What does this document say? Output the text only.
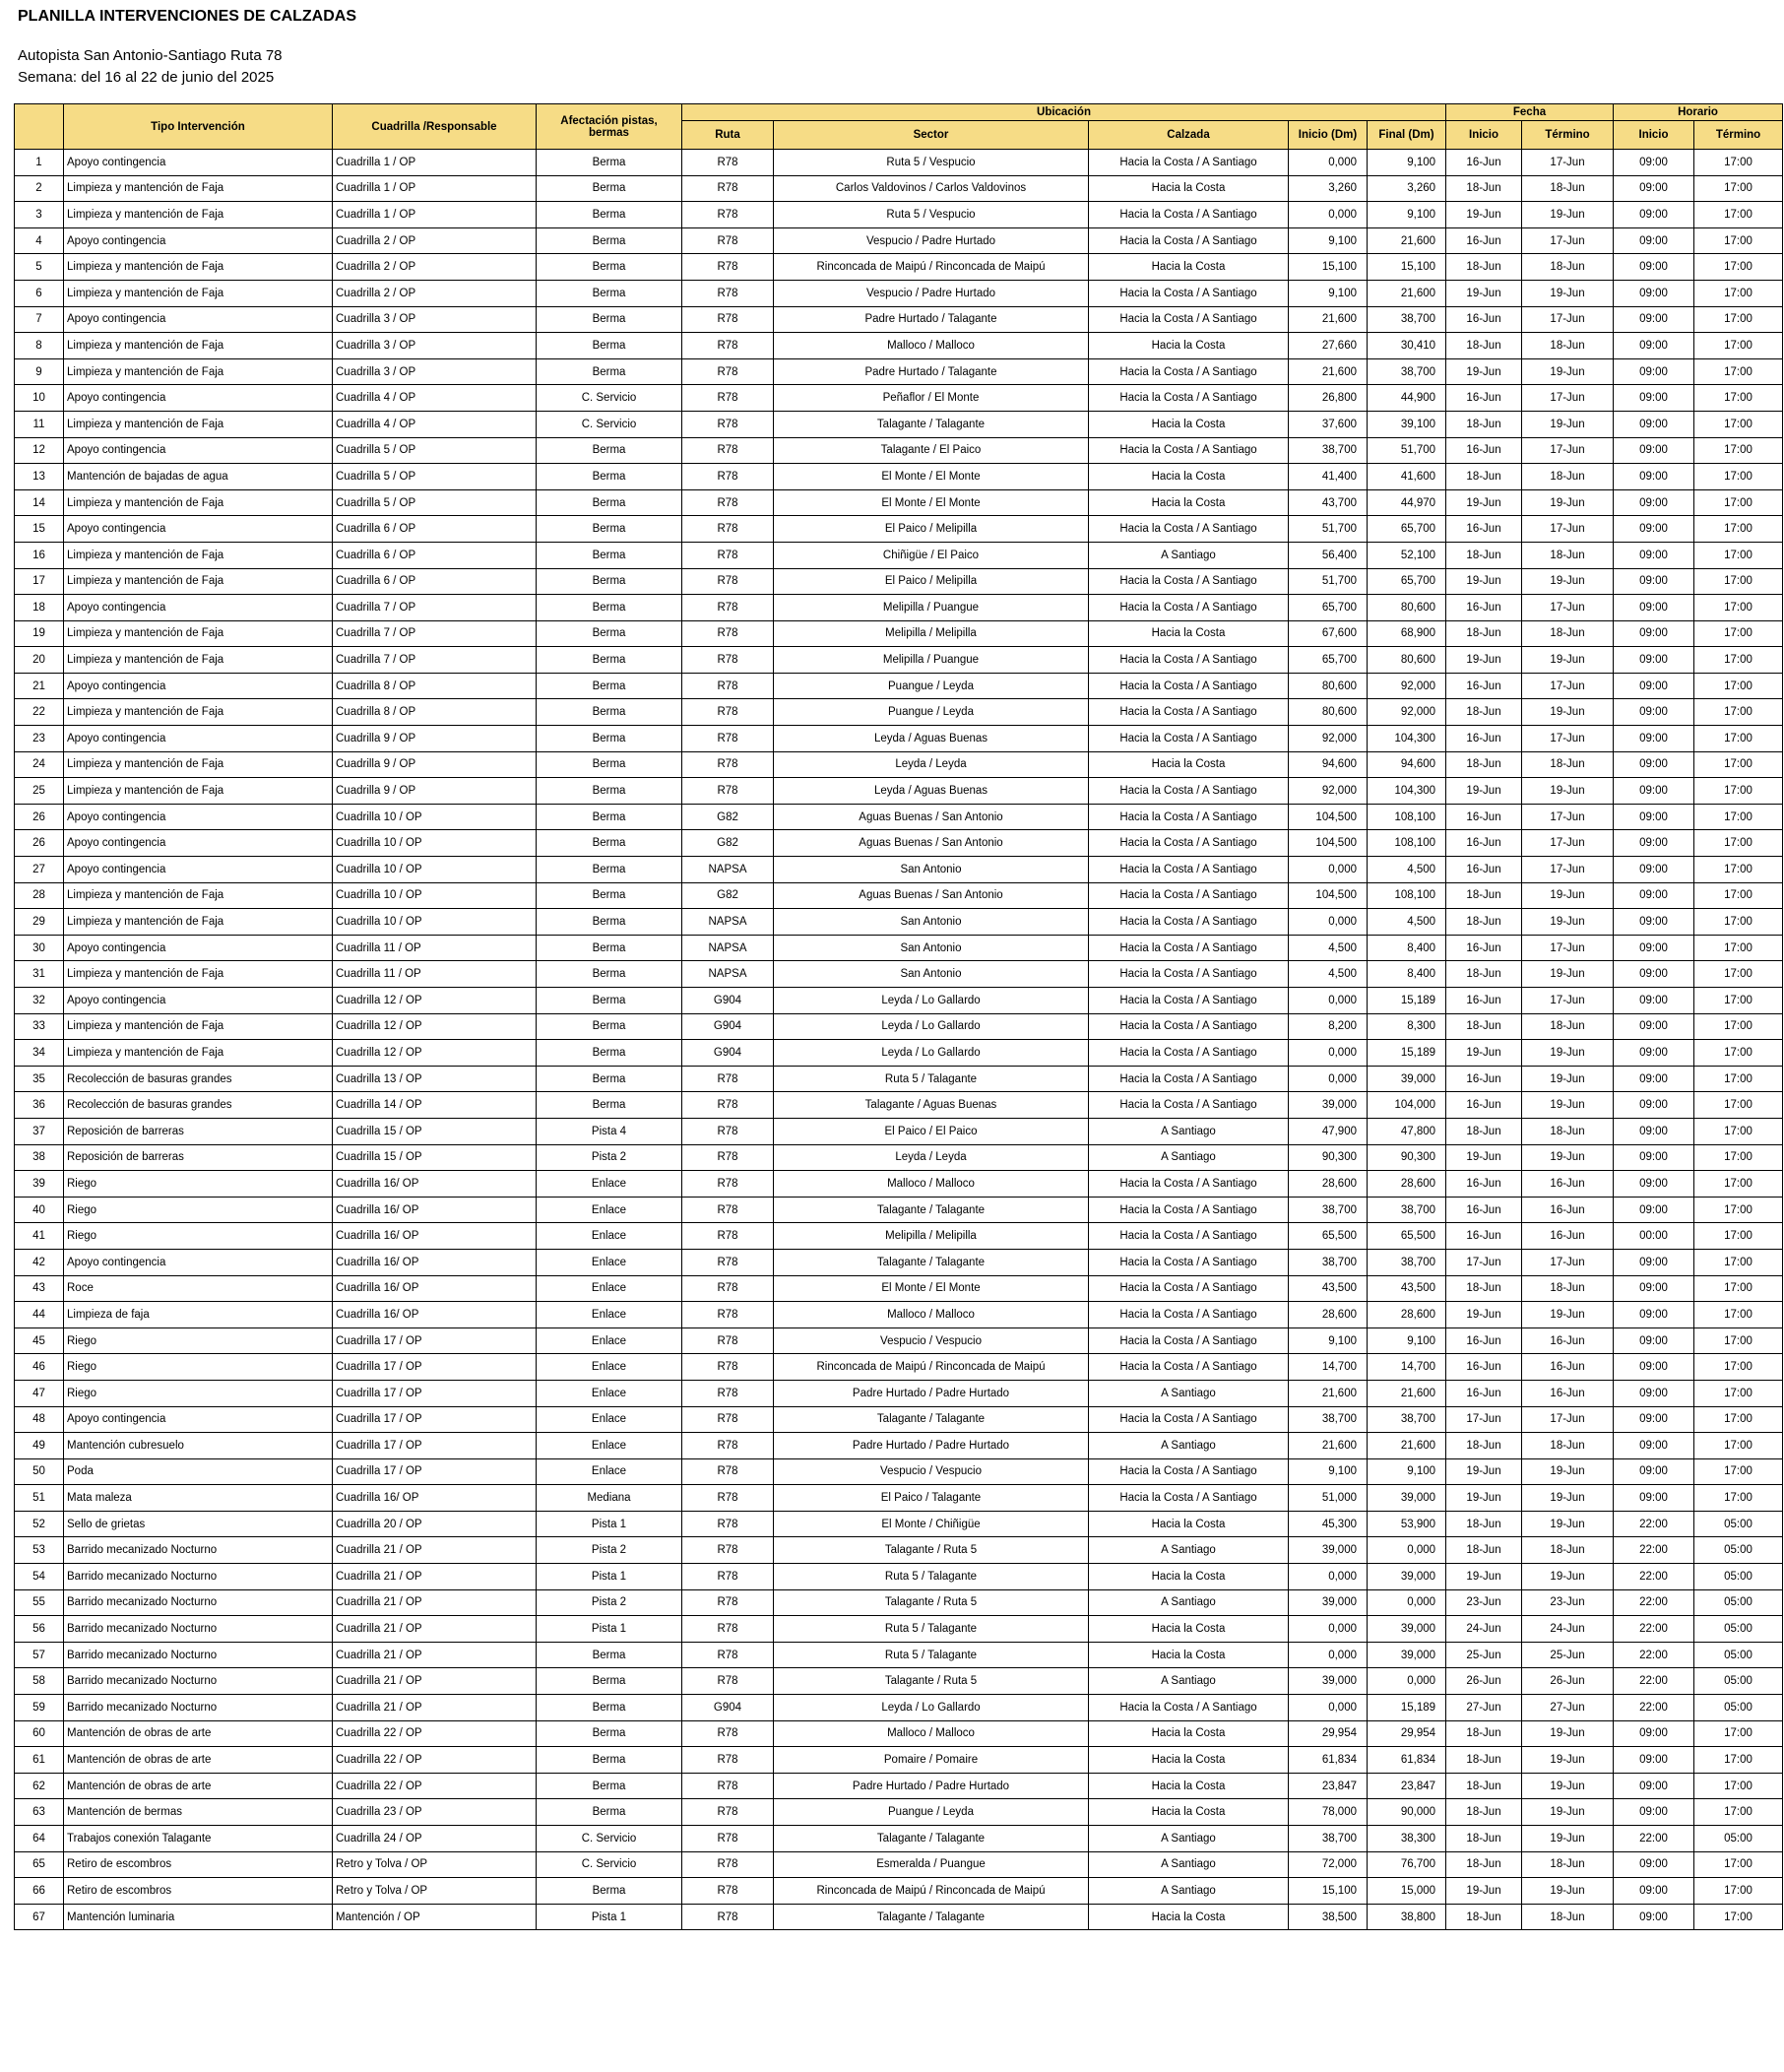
PLANILLA INTERVENCIONES DE CALZADAS
Autopista San Antonio-Santiago Ruta 78
Semana: del 16 al 22 de junio del 2025
	Tipo Intervención	Cuadrilla /Responsable	Afectación pistas, bermas	Ubicación					Fecha		Horario	
				Ruta	Sector	Calzada	Inicio (Dm)	Final (Dm)	Inicio	Término	Inicio	Término
1	Apoyo contingencia	Cuadrilla 1 / OP	Berma	R78	Ruta 5 / Vespucio	Hacia la Costa / A Santiago	0,000	9,100	16-Jun	17-Jun	09:00	17:00
2	Limpieza y mantención de Faja	Cuadrilla 1 / OP	Berma	R78	Carlos Valdovinos / Carlos Valdovinos	Hacia la Costa	3,260	3,260	18-Jun	18-Jun	09:00	17:00
3	Limpieza y mantención de Faja	Cuadrilla 1 / OP	Berma	R78	Ruta 5 / Vespucio	Hacia la Costa / A Santiago	0,000	9,100	19-Jun	19-Jun	09:00	17:00
4	Apoyo contingencia	Cuadrilla 2 / OP	Berma	R78	Vespucio / Padre Hurtado	Hacia la Costa / A Santiago	9,100	21,600	16-Jun	17-Jun	09:00	17:00
5	Limpieza y mantención de Faja	Cuadrilla 2 / OP	Berma	R78	Rinconcada de Maipú / Rinconcada de Maipú	Hacia la Costa	15,100	15,100	18-Jun	18-Jun	09:00	17:00
6	Limpieza y mantención de Faja	Cuadrilla 2 / OP	Berma	R78	Vespucio / Padre Hurtado	Hacia la Costa / A Santiago	9,100	21,600	19-Jun	19-Jun	09:00	17:00
7	Apoyo contingencia	Cuadrilla 3 / OP	Berma	R78	Padre Hurtado / Talagante	Hacia la Costa / A Santiago	21,600	38,700	16-Jun	17-Jun	09:00	17:00
8	Limpieza y mantención de Faja	Cuadrilla 3 / OP	Berma	R78	Malloco / Malloco	Hacia la Costa	27,660	30,410	18-Jun	18-Jun	09:00	17:00
9	Limpieza y mantención de Faja	Cuadrilla 3 / OP	Berma	R78	Padre Hurtado / Talagante	Hacia la Costa / A Santiago	21,600	38,700	19-Jun	19-Jun	09:00	17:00
10	Apoyo contingencia	Cuadrilla 4 / OP	C. Servicio	R78	Peñaflor / El Monte	Hacia la Costa / A Santiago	26,800	44,900	16-Jun	17-Jun	09:00	17:00
11	Limpieza y mantención de Faja	Cuadrilla 4 / OP	C. Servicio	R78	Talagante / Talagante	Hacia la Costa	37,600	39,100	18-Jun	19-Jun	09:00	17:00
12	Apoyo contingencia	Cuadrilla 5 / OP	Berma	R78	Talagante / El Paico	Hacia la Costa / A Santiago	38,700	51,700	16-Jun	17-Jun	09:00	17:00
13	Mantención de bajadas de agua	Cuadrilla 5 / OP	Berma	R78	El Monte / El Monte	Hacia la Costa	41,400	41,600	18-Jun	18-Jun	09:00	17:00
14	Limpieza y mantención de Faja	Cuadrilla 5 / OP	Berma	R78	El Monte / El Monte	Hacia la Costa	43,700	44,970	19-Jun	19-Jun	09:00	17:00
15	Apoyo contingencia	Cuadrilla 6 / OP	Berma	R78	El Paico / Melipilla	Hacia la Costa / A Santiago	51,700	65,700	16-Jun	17-Jun	09:00	17:00
16	Limpieza y mantención de Faja	Cuadrilla 6 / OP	Berma	R78	Chiñigüe / El Paico	A Santiago	56,400	52,100	18-Jun	18-Jun	09:00	17:00
17	Limpieza y mantención de Faja	Cuadrilla 6 / OP	Berma	R78	El Paico / Melipilla	Hacia la Costa / A Santiago	51,700	65,700	19-Jun	19-Jun	09:00	17:00
18	Apoyo contingencia	Cuadrilla 7 / OP	Berma	R78	Melipilla / Puangue	Hacia la Costa / A Santiago	65,700	80,600	16-Jun	17-Jun	09:00	17:00
19	Limpieza y mantención de Faja	Cuadrilla 7 / OP	Berma	R78	Melipilla / Melipilla	Hacia la Costa	67,600	68,900	18-Jun	18-Jun	09:00	17:00
20	Limpieza y mantención de Faja	Cuadrilla 7 / OP	Berma	R78	Melipilla / Puangue	Hacia la Costa / A Santiago	65,700	80,600	19-Jun	19-Jun	09:00	17:00
21	Apoyo contingencia	Cuadrilla 8 / OP	Berma	R78	Puangue / Leyda	Hacia la Costa / A Santiago	80,600	92,000	16-Jun	17-Jun	09:00	17:00
22	Limpieza y mantención de Faja	Cuadrilla 8 / OP	Berma	R78	Puangue / Leyda	Hacia la Costa / A Santiago	80,600	92,000	18-Jun	19-Jun	09:00	17:00
23	Apoyo contingencia	Cuadrilla 9 / OP	Berma	R78	Leyda / Aguas Buenas	Hacia la Costa / A Santiago	92,000	104,300	16-Jun	17-Jun	09:00	17:00
24	Limpieza y mantención de Faja	Cuadrilla 9 / OP	Berma	R78	Leyda / Leyda	Hacia la Costa	94,600	94,600	18-Jun	18-Jun	09:00	17:00
25	Limpieza y mantención de Faja	Cuadrilla 9 / OP	Berma	R78	Leyda / Aguas Buenas	Hacia la Costa / A Santiago	92,000	104,300	19-Jun	19-Jun	09:00	17:00
26	Apoyo contingencia	Cuadrilla 10 / OP	Berma	G82	Aguas Buenas / San Antonio	Hacia la Costa / A Santiago	104,500	108,100	16-Jun	17-Jun	09:00	17:00
26	Apoyo contingencia	Cuadrilla 10 / OP	Berma	G82	Aguas Buenas / San Antonio	Hacia la Costa / A Santiago	104,500	108,100	16-Jun	17-Jun	09:00	17:00
27	Apoyo contingencia	Cuadrilla 10 / OP	Berma	NAPSA	San Antonio	Hacia la Costa / A Santiago	0,000	4,500	16-Jun	17-Jun	09:00	17:00
28	Limpieza y mantención de Faja	Cuadrilla 10 / OP	Berma	G82	Aguas Buenas / San Antonio	Hacia la Costa / A Santiago	104,500	108,100	18-Jun	19-Jun	09:00	17:00
29	Limpieza y mantención de Faja	Cuadrilla 10 / OP	Berma	NAPSA	San Antonio	Hacia la Costa / A Santiago	0,000	4,500	18-Jun	19-Jun	09:00	17:00
30	Apoyo contingencia	Cuadrilla 11 / OP	Berma	NAPSA	San Antonio	Hacia la Costa / A Santiago	4,500	8,400	16-Jun	17-Jun	09:00	17:00
31	Limpieza y mantención de Faja	Cuadrilla 11 / OP	Berma	NAPSA	San Antonio	Hacia la Costa / A Santiago	4,500	8,400	18-Jun	19-Jun	09:00	17:00
32	Apoyo contingencia	Cuadrilla 12 / OP	Berma	G904	Leyda / Lo Gallardo	Hacia la Costa / A Santiago	0,000	15,189	16-Jun	17-Jun	09:00	17:00
33	Limpieza y mantención de Faja	Cuadrilla 12 / OP	Berma	G904	Leyda / Lo Gallardo	Hacia la Costa / A Santiago	8,200	8,300	18-Jun	18-Jun	09:00	17:00
34	Limpieza y mantención de Faja	Cuadrilla 12 / OP	Berma	G904	Leyda / Lo Gallardo	Hacia la Costa / A Santiago	0,000	15,189	19-Jun	19-Jun	09:00	17:00
35	Recolección de basuras grandes	Cuadrilla 13 / OP	Berma	R78	Ruta 5 / Talagante	Hacia la Costa / A Santiago	0,000	39,000	16-Jun	19-Jun	09:00	17:00
36	Recolección de basuras grandes	Cuadrilla 14 / OP	Berma	R78	Talagante / Aguas Buenas	Hacia la Costa / A Santiago	39,000	104,000	16-Jun	19-Jun	09:00	17:00
37	Reposición de barreras	Cuadrilla 15 / OP	Pista 4	R78	El Paico / El Paico	A Santiago	47,900	47,800	18-Jun	18-Jun	09:00	17:00
38	Reposición de barreras	Cuadrilla 15 / OP	Pista 2	R78	Leyda / Leyda	A Santiago	90,300	90,300	19-Jun	19-Jun	09:00	17:00
39	Riego	Cuadrilla 16/ OP	Enlace	R78	Malloco / Malloco	Hacia la Costa / A Santiago	28,600	28,600	16-Jun	16-Jun	09:00	17:00
40	Riego	Cuadrilla 16/ OP	Enlace	R78	Talagante / Talagante	Hacia la Costa / A Santiago	38,700	38,700	16-Jun	16-Jun	09:00	17:00
41	Riego	Cuadrilla 16/ OP	Enlace	R78	Melipilla / Melipilla	Hacia la Costa / A Santiago	65,500	65,500	16-Jun	16-Jun	00:00	17:00
42	Apoyo contingencia	Cuadrilla 16/ OP	Enlace	R78	Talagante / Talagante	Hacia la Costa / A Santiago	38,700	38,700	17-Jun	17-Jun	09:00	17:00
43	Roce	Cuadrilla 16/ OP	Enlace	R78	El Monte / El Monte	Hacia la Costa / A Santiago	43,500	43,500	18-Jun	18-Jun	09:00	17:00
44	Limpieza de faja	Cuadrilla 16/ OP	Enlace	R78	Malloco / Malloco	Hacia la Costa / A Santiago	28,600	28,600	19-Jun	19-Jun	09:00	17:00
45	Riego	Cuadrilla 17 / OP	Enlace	R78	Vespucio / Vespucio	Hacia la Costa / A Santiago	9,100	9,100	16-Jun	16-Jun	09:00	17:00
46	Riego	Cuadrilla 17 / OP	Enlace	R78	Rinconcada de Maipú / Rinconcada de Maipú	Hacia la Costa / A Santiago	14,700	14,700	16-Jun	16-Jun	09:00	17:00
47	Riego	Cuadrilla 17 / OP	Enlace	R78	Padre Hurtado / Padre Hurtado	A Santiago	21,600	21,600	16-Jun	16-Jun	09:00	17:00
48	Apoyo contingencia	Cuadrilla 17 / OP	Enlace	R78	Talagante / Talagante	Hacia la Costa / A Santiago	38,700	38,700	17-Jun	17-Jun	09:00	17:00
49	Mantención cubresuelo	Cuadrilla 17 / OP	Enlace	R78	Padre Hurtado / Padre Hurtado	A Santiago	21,600	21,600	18-Jun	18-Jun	09:00	17:00
50	Poda	Cuadrilla 17 / OP	Enlace	R78	Vespucio / Vespucio	Hacia la Costa / A Santiago	9,100	9,100	19-Jun	19-Jun	09:00	17:00
51	Mata maleza	Cuadrilla 16/ OP	Mediana	R78	El Paico / Talagante	Hacia la Costa / A Santiago	51,000	39,000	19-Jun	19-Jun	09:00	17:00
52	Sello de grietas	Cuadrilla 20 / OP	Pista 1	R78	El Monte / Chiñigüe	Hacia la Costa	45,300	53,900	18-Jun	19-Jun	22:00	05:00
53	Barrido mecanizado Nocturno	Cuadrilla 21 / OP	Pista 2	R78	Talagante / Ruta 5	A Santiago	39,000	0,000	18-Jun	18-Jun	22:00	05:00
54	Barrido mecanizado Nocturno	Cuadrilla 21 / OP	Pista 1	R78	Ruta 5 / Talagante	Hacia la Costa	0,000	39,000	19-Jun	19-Jun	22:00	05:00
55	Barrido mecanizado Nocturno	Cuadrilla 21 / OP	Pista 2	R78	Talagante / Ruta 5	A Santiago	39,000	0,000	23-Jun	23-Jun	22:00	05:00
56	Barrido mecanizado Nocturno	Cuadrilla 21 / OP	Pista 1	R78	Ruta 5 / Talagante	Hacia la Costa	0,000	39,000	24-Jun	24-Jun	22:00	05:00
57	Barrido mecanizado Nocturno	Cuadrilla 21 / OP	Berma	R78	Ruta 5 / Talagante	Hacia la Costa	0,000	39,000	25-Jun	25-Jun	22:00	05:00
58	Barrido mecanizado Nocturno	Cuadrilla 21 / OP	Berma	R78	Talagante / Ruta 5	A Santiago	39,000	0,000	26-Jun	26-Jun	22:00	05:00
59	Barrido mecanizado Nocturno	Cuadrilla 21 / OP	Berma	G904	Leyda / Lo Gallardo	Hacia la Costa / A Santiago	0,000	15,189	27-Jun	27-Jun	22:00	05:00
60	Mantención de obras de arte	Cuadrilla 22 / OP	Berma	R78	Malloco / Malloco	Hacia la Costa	29,954	29,954	18-Jun	19-Jun	09:00	17:00
61	Mantención de obras de arte	Cuadrilla 22 / OP	Berma	R78	Pomaire / Pomaire	Hacia la Costa	61,834	61,834	18-Jun	19-Jun	09:00	17:00
62	Mantención de obras de arte	Cuadrilla 22 / OP	Berma	R78	Padre Hurtado / Padre Hurtado	Hacia la Costa	23,847	23,847	18-Jun	19-Jun	09:00	17:00
63	Mantención de bermas	Cuadrilla 23 / OP	Berma	R78	Puangue / Leyda	Hacia la Costa	78,000	90,000	18-Jun	19-Jun	09:00	17:00
64	Trabajos conexión Talagante	Cuadrilla 24 / OP	C. Servicio	R78	Talagante / Talagante	A Santiago	38,700	38,300	18-Jun	19-Jun	22:00	05:00
65	Retiro de escombros	Retro y Tolva / OP	C. Servicio	R78	Esmeralda / Puangue	A Santiago	72,000	76,700	18-Jun	18-Jun	09:00	17:00
66	Retiro de escombros	Retro y Tolva / OP	Berma	R78	Rinconcada de Maipú / Rinconcada de Maipú	A Santiago	15,100	15,000	19-Jun	19-Jun	09:00	17:00
67	Mantención luminaria	Mantención / OP	Pista 1	R78	Talagante / Talagante	Hacia la Costa	38,500	38,800	18-Jun	18-Jun	09:00	17:00
